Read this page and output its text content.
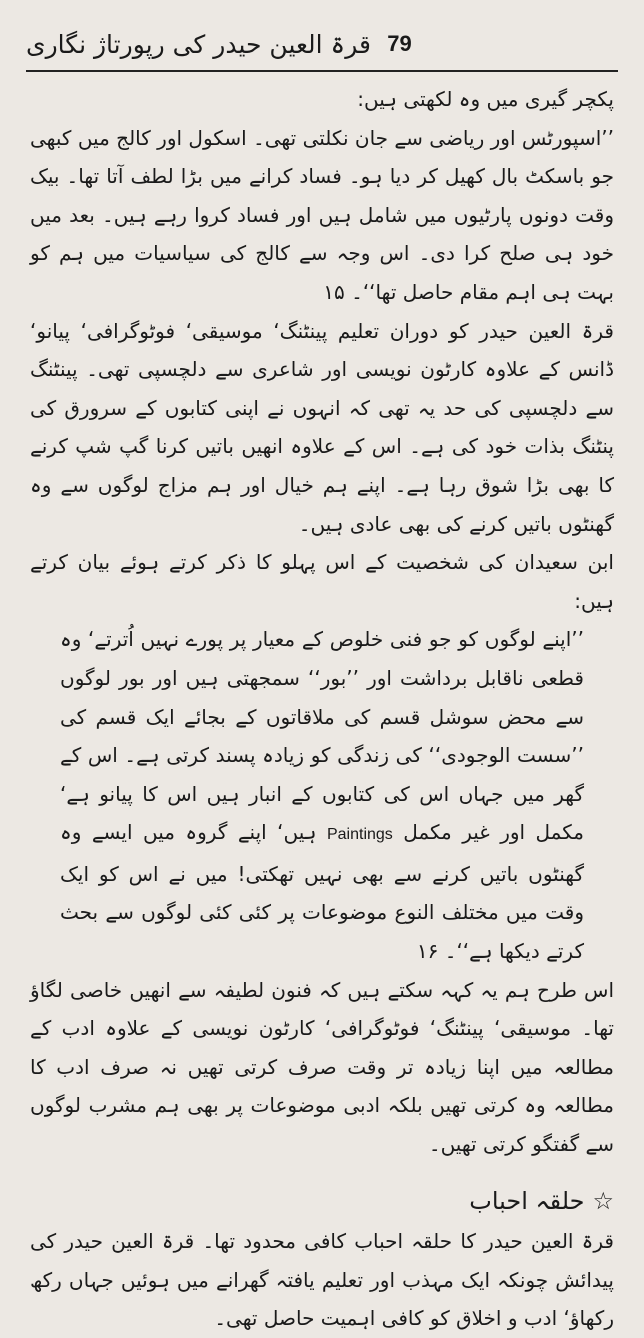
قرۃ العین حیدر کی رپورتاژ نگاری 79

پکچر گیری میں وہ لکھتی ہیں:

’’اسپورٹس اور ریاضی سے جان نکلتی تھی۔ اسکول اور کالج میں کبھی جو باسکٹ بال کھیل کر دیا ہو۔ فساد کرانے میں بڑا لطف آتا تھا۔ بیک وقت دونوں پارٹیوں میں شامل ہیں اور فساد کروا رہے ہیں۔ بعد میں خود ہی صلح کرا دی۔ اس وجہ سے کالج کی سیاسیات میں ہم کو بہت ہی اہم مقام حاصل تھا‘‘۔ ۱۵

قرۃ العین حیدر کو دوران تعلیم پینٹنگ‘ موسیقی‘ فوٹوگرافی‘ پیانو‘ ڈانس کے علاوہ کارٹون نویسی اور شاعری سے دلچسپی تھی۔ پینٹنگ سے دلچسپی کی حد یہ تھی کہ انہوں نے اپنی کتابوں کے سرورق کی پنٹنگ بذات خود کی ہے۔ اس کے علاوہ انھیں باتیں کرنا گپ شپ کرنے کا بھی بڑا شوق رہا ہے۔ اپنے ہم خیال اور ہم مزاج لوگوں سے وہ گھنٹوں باتیں کرنے کی بھی عادی ہیں۔

ابن سعیدان کی شخصیت کے اس پہلو کا ذکر کرتے ہوئے بیان کرتے ہیں:

’’اپنے لوگوں کو جو فنی خلوص کے معیار پر پورے نہیں اُترتے‘ وہ قطعی ناقابل برداشت اور ’’بور‘‘ سمجھتی ہیں اور بور لوگوں سے محض سوشل قسم کی ملاقاتوں کے بجائے ایک قسم کی ’’سست الوجودی‘‘ کی زندگی کو زیادہ پسند کرتی ہے۔ اس کے گھر میں جہاں اس کی کتابوں کے انبار ہیں اس کا پیانو ہے‘ مکمل اور غیر مکمل Paintings ہیں‘ اپنے گروہ میں ایسے وہ گھنٹوں باتیں کرنے سے بھی نہیں تھکتی! میں نے اس کو ایک وقت میں مختلف النوع موضوعات پر کئی کئی لوگوں سے بحث کرتے دیکھا ہے‘‘۔ ۱۶

اس طرح ہم یہ کہہ سکتے ہیں کہ فنون لطیفہ سے انھیں خاصی لگاؤ تھا۔ موسیقی‘ پینٹنگ‘ فوٹوگرافی‘ کارٹون نویسی کے علاوہ ادب کے مطالعہ میں اپنا زیادہ تر وقت صرف کرتی تھیں نہ صرف ادب کا مطالعہ وہ کرتی تھیں بلکہ ادبی موضوعات پر بھی ہم مشرب لوگوں سے گفتگو کرتی تھیں۔

☆
حلقہ احباب

قرۃ العین حیدر کا حلقہ احباب کافی محدود تھا۔ قرۃ العین حیدر کی پیدائش چونکہ ایک مہذب اور تعلیم یافتہ گھرانے میں ہوئیں جہاں رکھ رکھاؤ‘ ادب و اخلاق کو کافی اہمیت حاصل تھی۔
